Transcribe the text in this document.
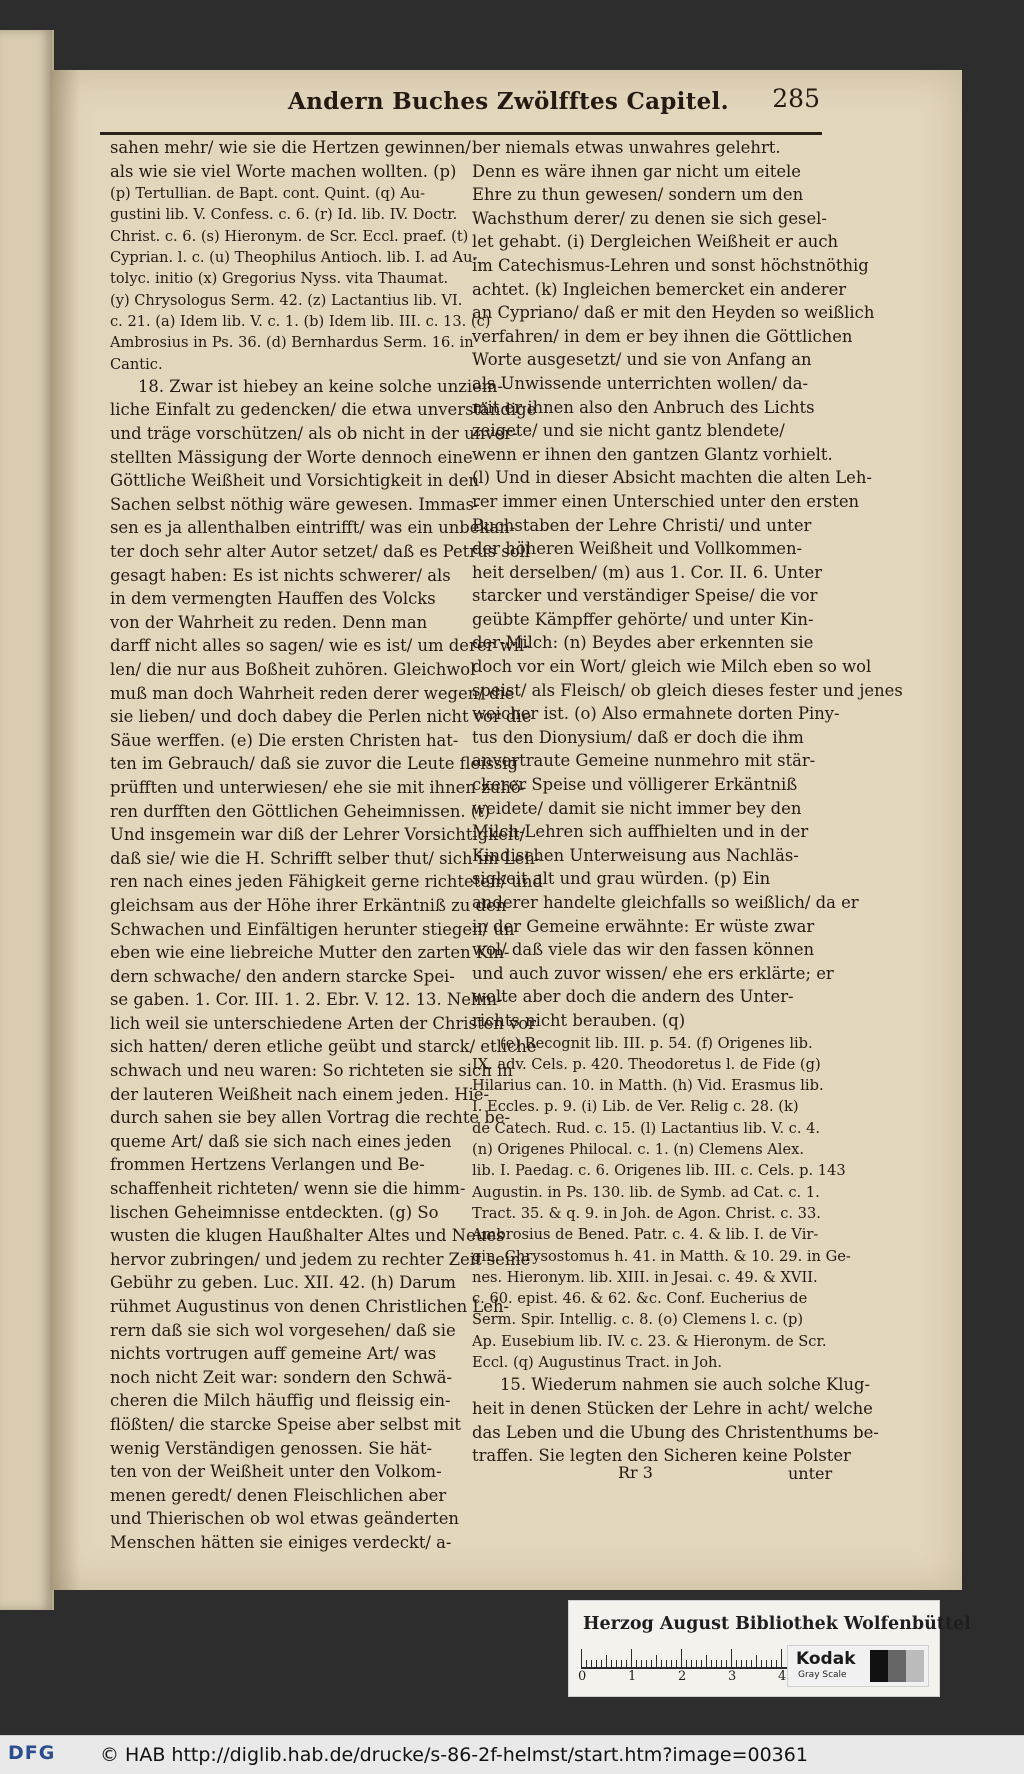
Andern Buches Zwölfftes Capitel. 285
sahen mehr/ wie sie die Hertzen gewinnen/
als wie sie viel Worte machen wollten. (p)
(p) Tertullian. de Bapt. cont. Quint. (q) Au-
gustini lib. V. Confess. c. 6. (r) Id. lib. IV. Doctr.
Christ. c. 6. (s) Hieronym. de Scr. Eccl. praef. (t)
Cyprian. l. c. (u) Theophilus Antioch. lib. I. ad Au-
tolyc. initio (x) Gregorius Nyss. vita Thaumat.
(y) Chrysologus Serm. 42. (z) Lactantius lib. VI.
c. 21. (a) Idem lib. V. c. 1. (b) Idem lib. III. c. 13. (c)
Ambrosius in Ps. 36. (d) Bernhardus Serm. 16. in
Cantic.
18. Zwar ist hiebey an keine solche unziem-
liche Einfalt zu gedencken/ die etwa unverständige
und träge vorschützen/ als ob nicht in der unver-
stellten Mässigung der Worte dennoch eine
Göttliche Weißheit und Vorsichtigkeit in den
Sachen selbst nöthig wäre gewesen. Immas-
sen es ja allenthalben eintrifft/ was ein unbekan-
ter doch sehr alter Autor setzet/ daß es Petrus soll
gesagt haben: Es ist nichts schwerer/ als
in dem vermengten Hauffen des Volcks
von der Wahrheit zu reden. Denn man
darff nicht alles so sagen/ wie es ist/ um derer wil-
len/ die nur aus Boßheit zuhören. Gleichwol
muß man doch Wahrheit reden derer wegen/ die
sie lieben/ und doch dabey die Perlen nicht vor die
Säue werffen. (e) Die ersten Christen hat-
ten im Gebrauch/ daß sie zuvor die Leute fleissig
prüfften und unterwiesen/ ehe sie mit ihnen zuhö-
ren durfften den Göttlichen Geheimnissen. (t)
Und insgemein war diß der Lehrer Vorsichtigkeit/
daß sie/ wie die H. Schrifft selber thut/ sich im Leh-
ren nach eines jeden Fähigkeit gerne richteten/ und
gleichsam aus der Höhe ihrer Erkäntniß zu den
Schwachen und Einfältigen herunter stiegen/ un
eben wie eine liebreiche Mutter den zarten Kin-
dern schwache/ den andern starcke Spei-
se gaben. 1. Cor. III. 1. 2. Ebr. V. 12. 13. Nehm-
lich weil sie unterschiedene Arten der Christen vor
sich hatten/ deren etliche geübt und starck/ etliche
schwach und neu waren: So richteten sie sich in
der lauteren Weißheit nach einem jeden. Hie-
durch sahen sie bey allen Vortrag die rechte be-
queme Art/ daß sie sich nach eines jeden
frommen Hertzens Verlangen und Be-
schaffenheit richteten/ wenn sie die himm-
lischen Geheimnisse entdeckten. (g) So
wusten die klugen Haußhalter Altes und Neues
hervor zubringen/ und jedem zu rechter Zeit seine
Gebühr zu geben. Luc. XII. 42. (h) Darum
rühmet Augustinus von denen Christlichen Leh-
rern daß sie sich wol vorgesehen/ daß sie
nichts vortrugen auff gemeine Art/ was
noch nicht Zeit war: sondern den Schwä-
cheren die Milch häuffig und fleissig ein-
flößten/ die starcke Speise aber selbst mit
wenig Verständigen genossen. Sie hät-
ten von der Weißheit unter den Volkom-
menen geredt/ denen Fleischlichen aber
und Thierischen ob wol etwas geänderten
Menschen hätten sie einiges verdeckt/ a-
ber niemals etwas unwahres gelehrt.
Denn es wäre ihnen gar nicht um eitele
Ehre zu thun gewesen/ sondern um den
Wachsthum derer/ zu denen sie sich gesel-
let gehabt. (i) Dergleichen Weißheit er auch
im Catechismus-Lehren und sonst höchstnöthig
achtet. (k) Ingleichen bemercket ein anderer
an Cypriano/ daß er mit den Heyden so weißlich
verfahren/ in dem er bey ihnen die Göttlichen
Worte ausgesetzt/ und sie von Anfang an
als Unwissende unterrichten wollen/ da-
mit er ihnen also den Anbruch des Lichts
zeigete/ und sie nicht gantz blendete/
wenn er ihnen den gantzen Glantz vorhielt.
(l) Und in dieser Absicht machten die alten Leh-
rer immer einen Unterschied unter den ersten
Buchstaben der Lehre Christi/ und unter
der höheren Weißheit und Vollkommen-
heit derselben/ (m) aus 1. Cor. II. 6. Unter
starcker und verständiger Speise/ die vor
geübte Kämpffer gehörte/ und unter Kin-
der-Milch: (n) Beydes aber erkennten sie
doch vor ein Wort/ gleich wie Milch eben so wol
speist/ als Fleisch/ ob gleich dieses fester und jenes
weicher ist. (o) Also ermahnete dorten Piny-
tus den Dionysium/ daß er doch die ihm
anvertraute Gemeine nunmehro mit stär-
ckerer Speise und völligerer Erkäntniß
weidete/ damit sie nicht immer bey den
Milch-Lehren sich auffhielten und in der
Kindischen Unterweisung aus Nachläs-
sigkeit alt und grau würden. (p) Ein
anderer handelte gleichfalls so weißlich/ da er
in der Gemeine erwähnte: Er wüste zwar
wol/ daß viele das wir den fassen können
und auch zuvor wissen/ ehe ers erklärte; er
wolte aber doch die andern des Unter-
richts nicht berauben. (q)
(e) Recognit lib. III. p. 54. (f) Origenes lib.
IX. adv. Cels. p. 420. Theodoretus l. de Fide (g)
Hilarius can. 10. in Matth. (h) Vid. Erasmus lib.
I. Eccles. p. 9. (i) Lib. de Ver. Relig c. 28. (k)
de Catech. Rud. c. 15. (l) Lactantius lib. V. c. 4.
(n) Origenes Philocal. c. 1. (n) Clemens Alex.
lib. I. Paedag. c. 6. Origenes lib. III. c. Cels. p. 143
Augustin. in Ps. 130. lib. de Symb. ad Cat. c. 1.
Tract. 35. & q. 9. in Joh. de Agon. Christ. c. 33.
Ambrosius de Bened. Patr. c. 4. & lib. I. de Vir-
gin. Chrysostomus h. 41. in Matth. & 10. 29. in Ge-
nes. Hieronym. lib. XIII. in Jesai. c. 49. & XVII.
c. 60. epist. 46. & 62. &c. Conf. Eucherius de
Serm. Spir. Intellig. c. 8. (o) Clemens l. c. (p)
Ap. Eusebium lib. IV. c. 23. & Hieronym. de Scr.
Eccl. (q) Augustinus Tract. in Joh.
15. Wiederum nahmen sie auch solche Klug-
heit in denen Stücken der Lehre in acht/ welche
das Leben und die Ubung des Christenthums be-
traffen. Sie legten den Sicheren keine Polster
Rr 3	unter
Herzog August Bibliothek Wolfenbüttel
0	1	2	3	4
Kodak
Gray Scale
DFG © HAB http://diglib.hab.de/drucke/s-86-2f-helmst/start.htm?image=00361
